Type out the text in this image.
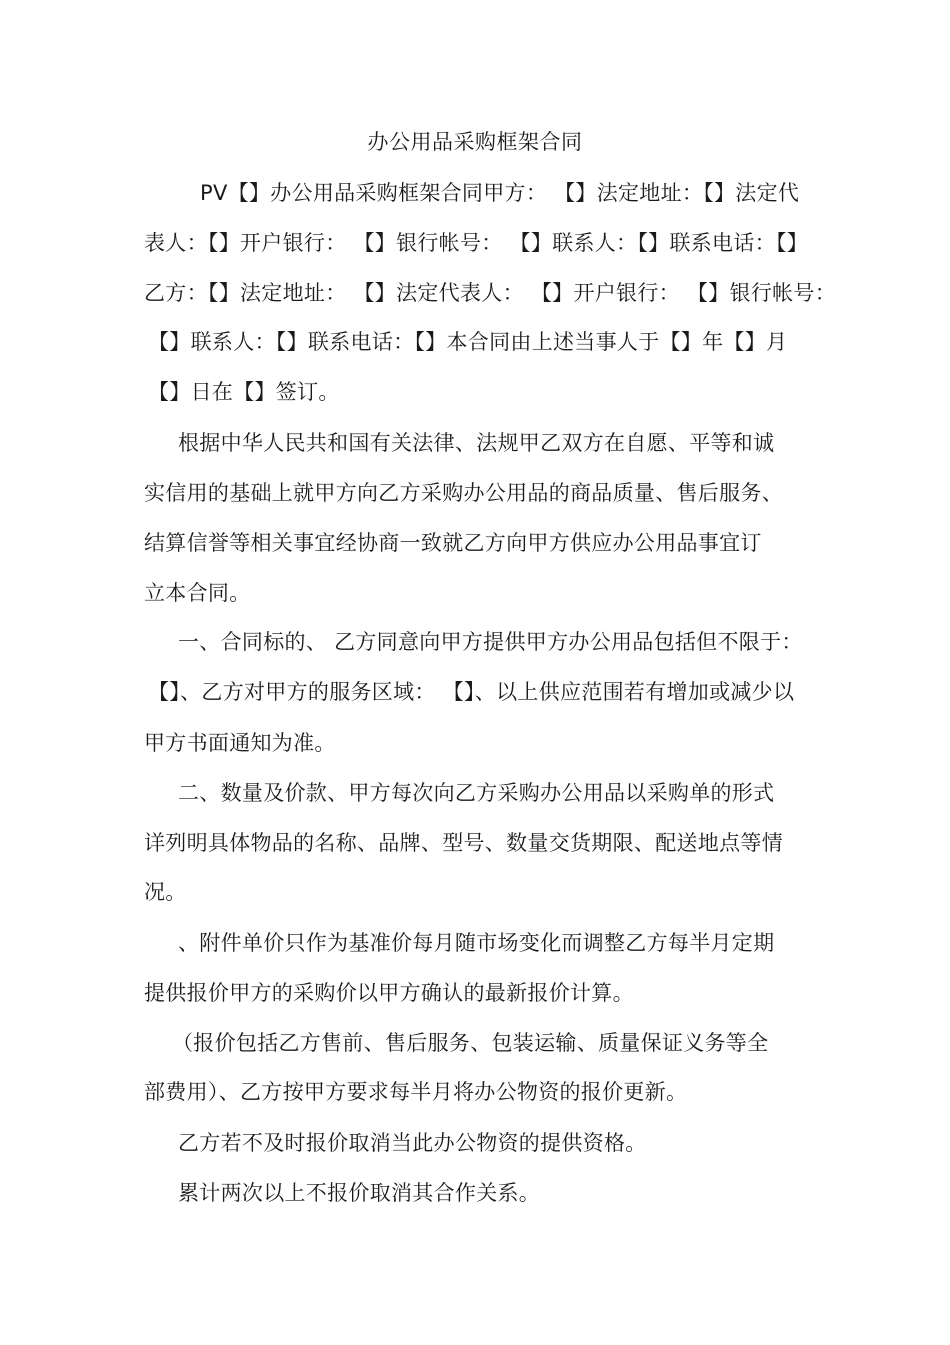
办公用品采购框架合同
PV【】办公用品采购框架合同甲方： 【】法定地址：【】法定代
表人：【】开户银行： 【】银行帐号： 【】联系人：【】联系电话：【】
乙方：【】法定地址： 【】法定代表人： 【】开户银行： 【】银行帐号：
【】联系人：【】联系电话：【】本合同由上述当事人于【】年【】月
【】日在【】签订。
根据中华人民共和国有关法律、法规甲乙双方在自愿、平等和诚
实信用的基础上就甲方向乙方采购办公用品的商品质量、售后服务、
结算信誉等相关事宜经协商一致就乙方向甲方供应办公用品事宜订
立本合同。
一、合同标的、 乙方同意向甲方提供甲方办公用品包括但不限于：
【】、乙方对甲方的服务区域： 【】、以上供应范围若有增加或减少以
甲方书面通知为准。
二、数量及价款、甲方每次向乙方采购办公用品以采购单的形式
详列明具体物品的名称、品牌、型号、数量交货期限、配送地点等情
况。
、附件单价只作为基准价每月随市场变化而调整乙方每半月定期
提供报价甲方的采购价以甲方确认的最新报价计算。
（报价包括乙方售前、售后服务、包装运输、质量保证义务等全
部费用）、乙方按甲方要求每半月将办公物资的报价更新。
乙方若不及时报价取消当此办公物资的提供资格。
累计两次以上不报价取消其合作关系。
